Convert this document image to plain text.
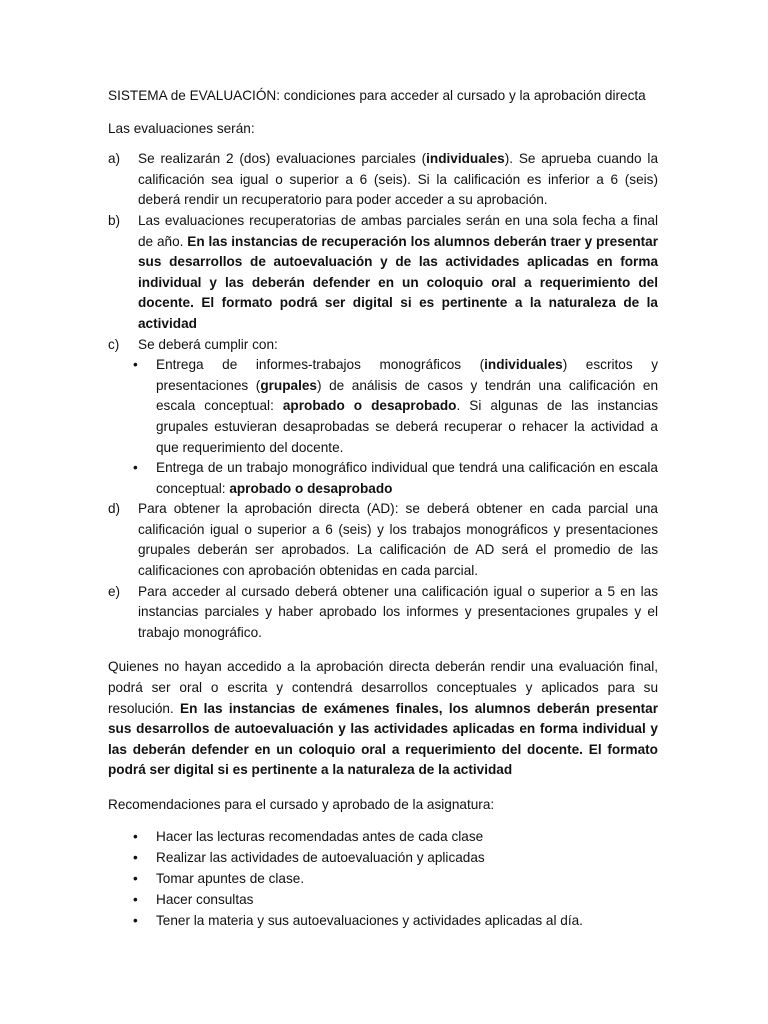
SISTEMA de EVALUACIÓN: condiciones para acceder al cursado y la aprobación directa

Las evaluaciones serán:

a) Se realizarán 2 (dos) evaluaciones parciales (individuales). Se aprueba cuando la calificación sea igual o superior a 6 (seis). Si la calificación es inferior a 6 (seis) deberá rendir un recuperatorio para poder acceder a su aprobación.
b) Las evaluaciones recuperatorias de ambas parciales serán en una sola fecha a final de año. En las instancias de recuperación los alumnos deberán traer y presentar sus desarrollos de autoevaluación y de las actividades aplicadas en forma individual y las deberán defender en un coloquio oral a requerimiento del docente. El formato podrá ser digital si es pertinente a la naturaleza de la actividad
c) Se deberá cumplir con:
• Entrega de informes-trabajos monográficos (individuales) escritos y presentaciones (grupales) de análisis de casos y tendrán una calificación en escala conceptual: aprobado o desaprobado. Si algunas de las instancias grupales estuvieran desaprobadas se deberá recuperar o rehacer la actividad a que requerimiento del docente.
• Entrega de un trabajo monográfico individual que tendrá una calificación en escala conceptual: aprobado o desaprobado
d) Para obtener la aprobación directa (AD): se deberá obtener en cada parcial una calificación igual o superior a 6 (seis) y los trabajos monográficos y presentaciones grupales deberán ser aprobados. La calificación de AD será el promedio de las calificaciones con aprobación obtenidas en cada parcial.
e) Para acceder al cursado deberá obtener una calificación igual o superior a 5 en las instancias parciales y haber aprobado los informes y presentaciones grupales y el trabajo monográfico.

Quienes no hayan accedido a la aprobación directa deberán rendir una evaluación final, podrá ser oral o escrita y contendrá desarrollos conceptuales y aplicados para su resolución. En las instancias de exámenes finales, los alumnos deberán presentar sus desarrollos de autoevaluación y las actividades aplicadas en forma individual y las deberán defender en un coloquio oral a requerimiento del docente. El formato podrá ser digital si es pertinente a la naturaleza de la actividad

Recomendaciones para el cursado y aprobado de la asignatura:

• Hacer las lecturas recomendadas antes de cada clase
• Realizar las actividades de autoevaluación y aplicadas
• Tomar apuntes de clase.
• Hacer consultas
• Tener la materia y sus autoevaluaciones y actividades aplicadas al día.
